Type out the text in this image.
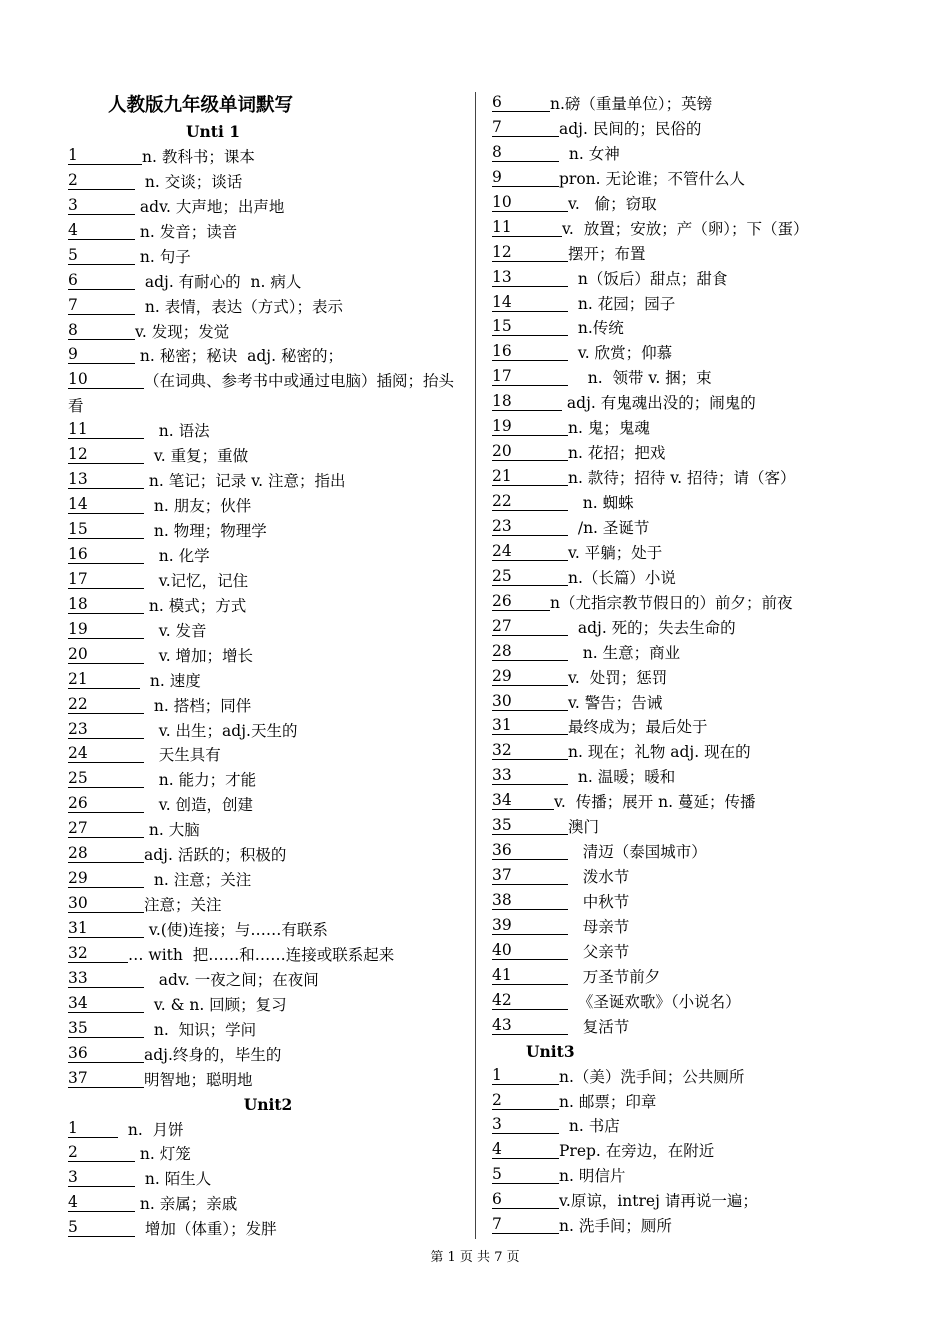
人教版九年级单词默写
Unti 1
1	n. 教科书；课本
2	n. 交谈；谈话
3	adv. 大声地；出声地
4	n. 发音；读音
5	n. 句子
6	adj. 有耐心的  n. 病人
7	n. 表情，表达（方式）；表示
8	v. 发现；发觉
9	n. 秘密；秘诀  adj. 秘密的；
10	（在词典、参考书中或通过电脑）插阅；抬头看
11	n. 语法
12	v. 重复；重做
13	n. 笔记；记录 v. 注意；指出
14	n. 朋友；伙伴
15	n. 物理；物理学
16	n. 化学
17	v.记忆，记住
18	n. 模式；方式
19	v. 发音
20	v. 增加；增长
21	n. 速度
22	n. 搭档；同伴
23	v. 出生；adj.天生的
24	天生具有
25	n. 能力；才能
26	v. 创造，创建
27	n. 大脑
28	adj. 活跃的；积极的
29	n. 注意；关注
30	注意；关注
31	v.(使)连接；与……有联系
32	… with  把……和……连接或联系起来
33	adv. 一夜之间；在夜间
34	v. & n. 回顾；复习
35	n.  知识；学问
36	adj.终身的，毕生的
37	明智地；聪明地
Unit2
1	n.  月饼
2	n. 灯笼
3	n. 陌生人
4	n. 亲属；亲戚
5	增加（体重）；发胖
6	n.磅（重量单位）；英镑
7	adj. 民间的；民俗的
8	n. 女神
9	pron. 无论谁；不管什么人
10	v.   偷；窃取
11	v.  放置；安放；产（卵）；下（蛋）
12	摆开；布置
13	n（饭后）甜点；甜食
14	n. 花园；园子
15	n.传统
16	v. 欣赏；仰慕
17	n.  领带 v. 捆；束
18	adj. 有鬼魂出没的；闹鬼的
19	n. 鬼；鬼魂
20	n. 花招；把戏
21	n. 款待；招待 v. 招待；请（客）
22	n. 蜘蛛
23	/n. 圣诞节
24	v. 平躺；处于
25	n.（长篇）小说
26 n（尤指宗教节假日的）前夕；前夜
27	adj. 死的；失去生命的
28	n. 生意；商业
29	v.  处罚；惩罚
30	v. 警告；告诫
31	最终成为；最后处于
32	n. 现在；礼物 adj. 现在的
33	n. 温暖；暖和
34	v.  传播；展开 n. 蔓延；传播
35	澳门
36	清迈（泰国城市）
37	泼水节
38	中秋节
39	母亲节
40	父亲节
41	万圣节前夕
42	《圣诞欢歌》（小说名）
43	复活节
Unit3
1	n.（美）洗手间；公共厕所
2	n. 邮票；印章
3	n. 书店
4	Prep. 在旁边，在附近
5	n. 明信片
6	v.原谅，intrej 请再说一遍；
7	n. 洗手间；厕所
第 1 页 共 7 页
